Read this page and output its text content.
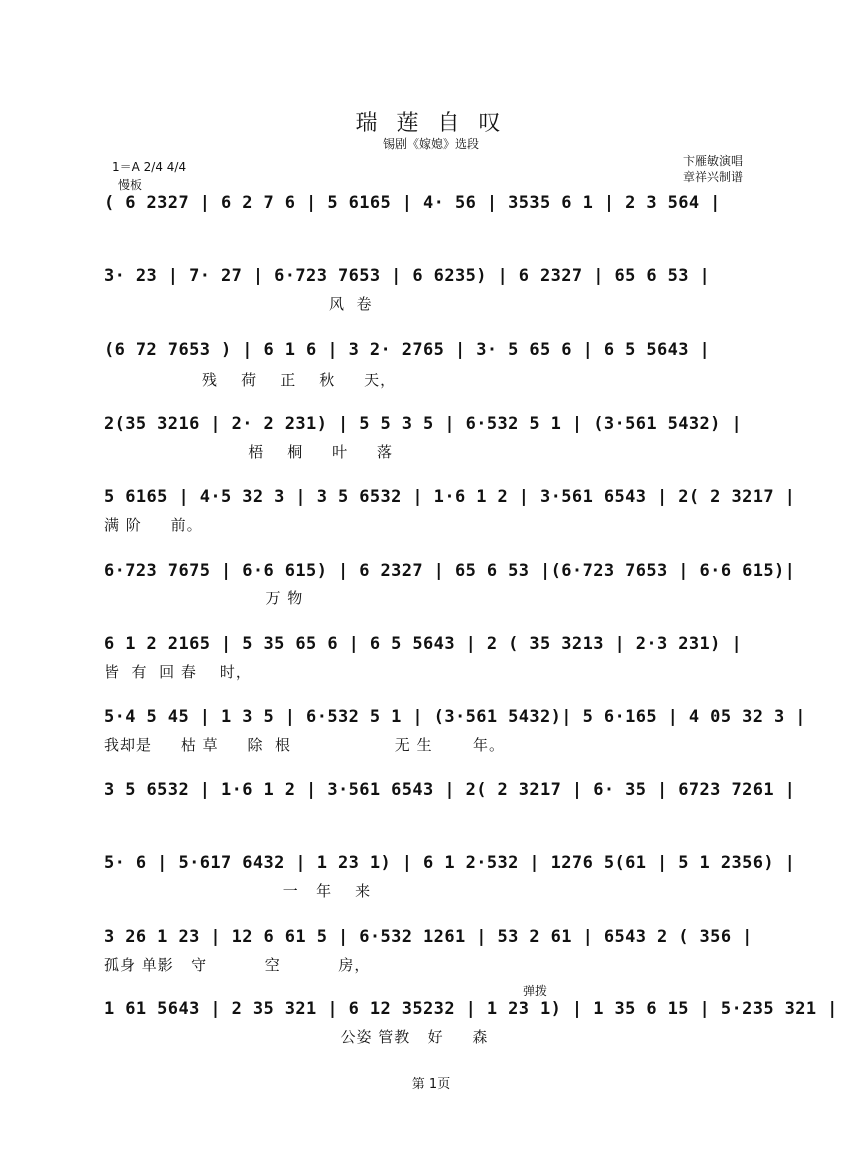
瑞 莲 自 叹
锡剧《嫁媳》选段
1＝A 2/4 4/4
慢板
卞雁敏演唱
章祥兴制谱
( 6 2327 | 6 2 7 6 | 5 6165 | 4· 56 | 3535 6 1 | 2 3 564 |
3· 23 | 7· 27 | 6·723 7653 | 6 6235) | 6 2327 | 65 6 53 |
风  卷
(6 72 7653 ) | 6 1 6 | 3 2· 2765 | 3· 5 65 6 | 6 5 5643 |
残    荷    正    秋     天，
2(35 3216 | 2· 2 231) | 5 5 3 5 | 6·532 5 1 | (3·561 5432) |
梧    桐     叶     落
5 6165 | 4·5 32 3 | 3 5 6532 | 1·6 1 2 | 3·561 6543 | 2( 2 3217 |
满 阶     前。
6·723 7675 | 6·6 615) | 6 2327 | 65 6 53 |(6·723 7653 | 6·6 615)|
万 物
6 1 2 2165 | 5 35 65 6 | 6 5 5643 | 2 ( 35 3213 | 2·3 231) |
皆  有  回 春    时，
5·4 5 45 | 1 3 5 | 6·532 5 1 | (3·561 5432)| 5 6·165 | 4 05 32 3 |
我却是     枯 草     除  根                  无 生       年。
3 5 6532 | 1·6 1 2 | 3·561 6543 | 2( 2 3217 | 6· 35 | 6723 7261 |
5· 6 | 5·617 6432 | 1 23 1) | 6 1 2·532 | 1276 5(61 | 5 1 2356) |
一   年    来
3 26 1 23 | 12 6 61 5 | 6·532 1261 | 53 2 61 | 6543 2 ( 356 |
孤身 单影   守          空          房，
1 61 5643 | 2 35 321 | 6 12 35232 | 1 23 1) | 1 35 6 15 | 5·235 321 |
公姿 管教   好     森
弹拨
第 1页
